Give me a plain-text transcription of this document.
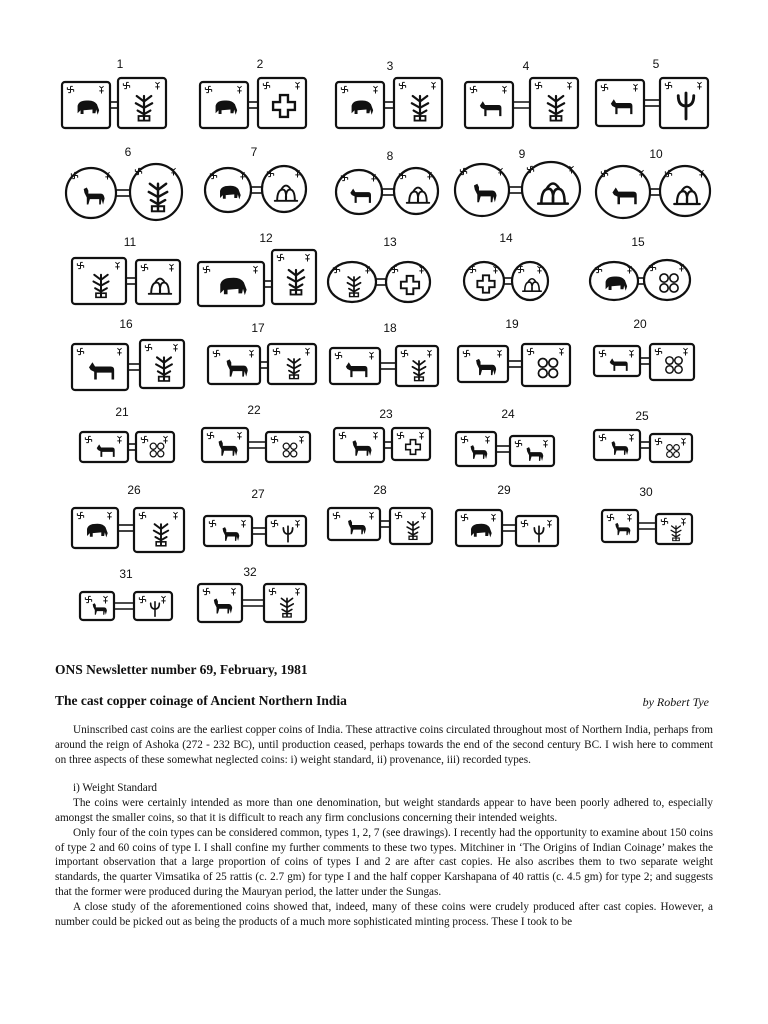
1	2	3	4	5
6	7	8	9	10
11	12	13	14	15
16	17	18	19	20
21	22	23	24	25
26	27	28	29	30
31	32

ONS Newsletter number 69, February, 1981

The cast copper coinage of Ancient Northern India	by Robert Tye

Uninscribed cast coins are the earliest copper coins of India. These attractive coins circulated throughout most of Northern India, perhaps from around the reign of Ashoka (272 - 232 BC), until production ceased, perhaps towards the end of the second century BC. I wish here to comment on three aspects of these somewhat neglected coins: i) weight standard, ii) provenance, iii) recorded types.

i) Weight Standard

The coins were certainly intended as more than one denomination, but weight standards appear to have been poorly adhered to, especially amongst the smaller coins, so that it is difficult to reach any firm conclusions concerning their intended weights.

Only four of the coin types can be considered common, types 1, 2, 7 (see drawings). I recently had the opportunity to examine about 150 coins of type 2 and 60 coins of type I. I shall confine my further comments to these two types. Mitchiner in ‘The Origins of Indian Coinage’ makes the important observation that a large proportion of coins of types I and 2 are after cast copies. He also ascribes them to two separate weight standards, the quarter Vimsatika of 25 rattis (c. 2.7 gm) for type I and the half copper Karshapana of 40 rattis (c. 4.5 gm) for type 2; and suggests that the former were produced during the Mauryan period, the latter under the Sungas.

A close study of the aforementioned coins showed that, indeed, many of these coins were crudely produced after cast copies. However, a number could be picked out as being the products of a much more sophisticated minting process. These I took to be
